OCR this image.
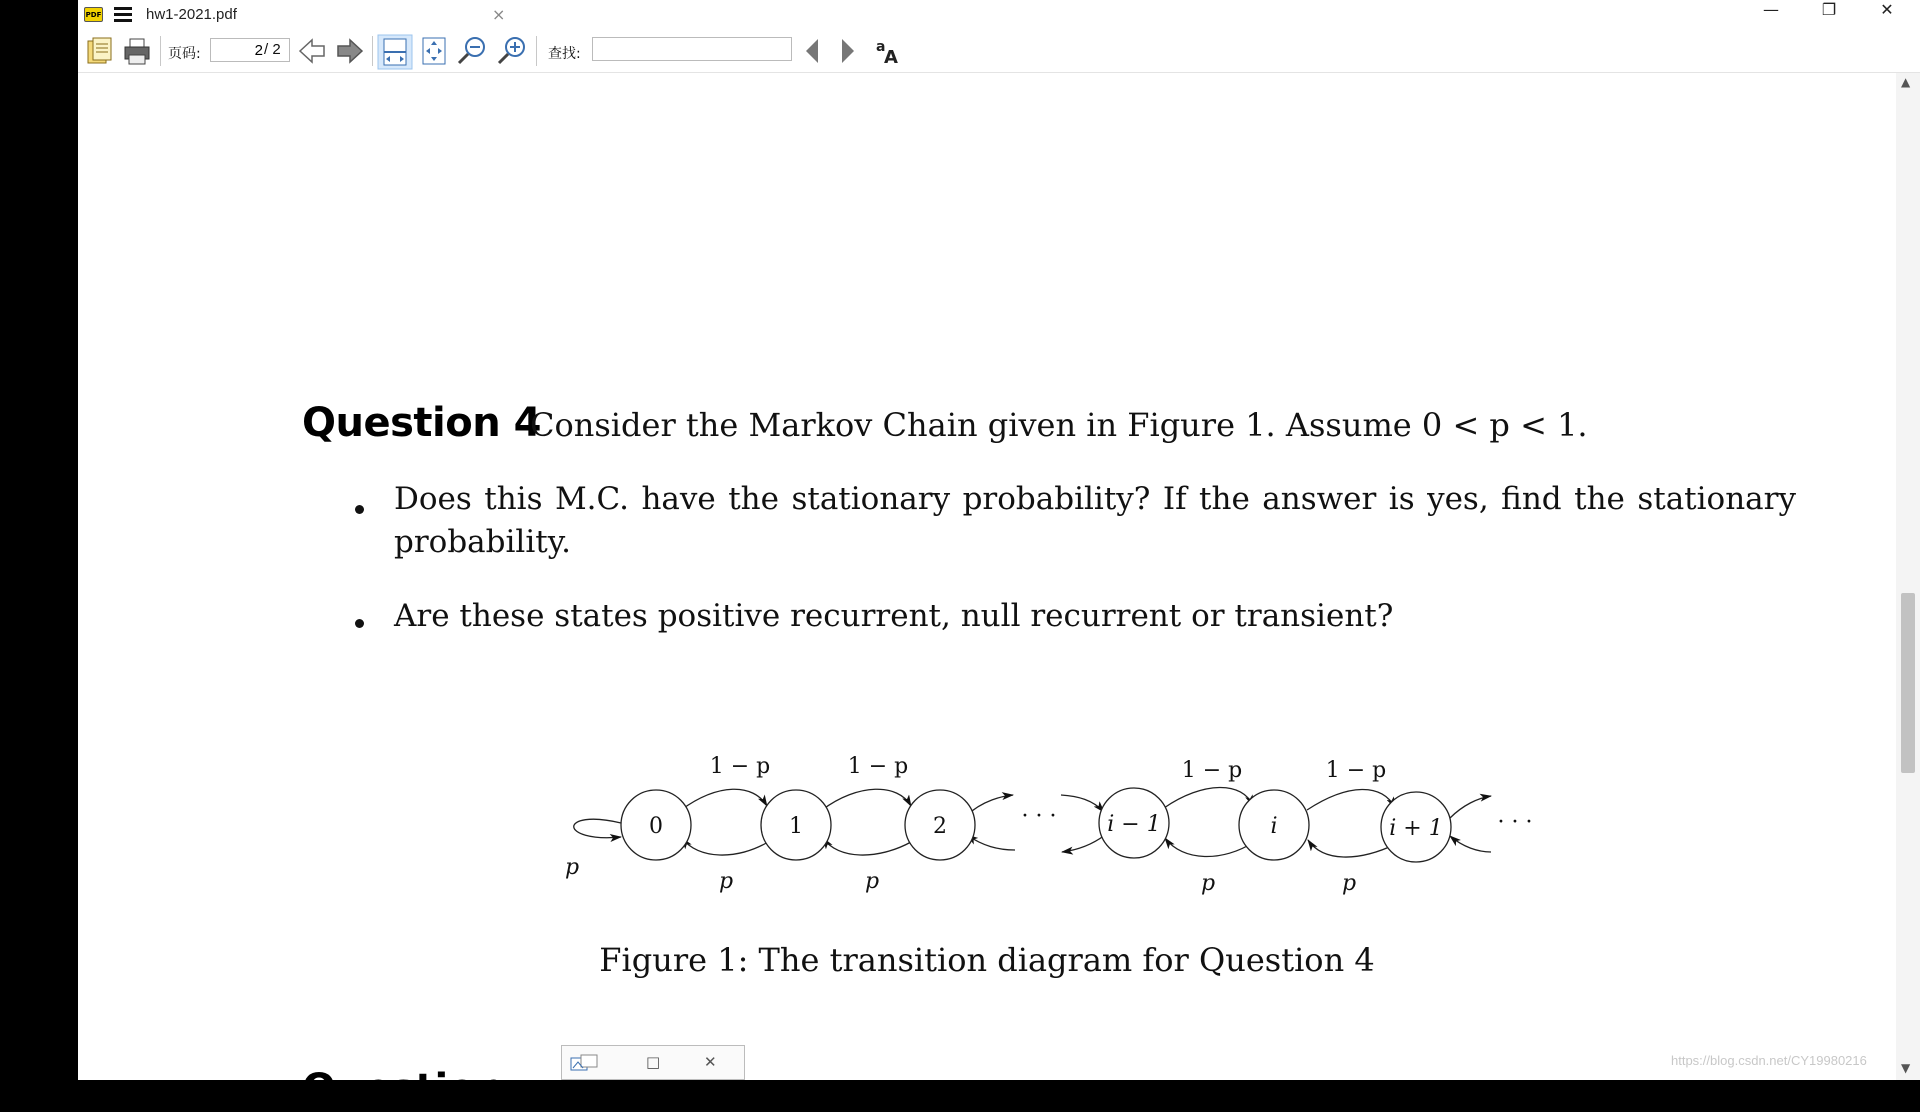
PDF	hw1-2021.pdf	×	—	❐	✕
页码:
2	/ 2	查找:	a
A
Question 4
Consider the Markov Chain given in Figure 1. Assume 0 < p < 1.
Does this M.C. have the stationary probability? If the answer is yes, find the stationary probability.
Are these states positive recurrent, null recurrent or transient?
0	1	2	i − 1	i	i + 1
1 − p	1 − p	1 − p	1 − p
p	p	p	p
p
· · ·	· · ·
Figure 1: The transition diagram for Question 4
Question
https://blog.csdn.net/CY19980216
▲
▼
□	✕
